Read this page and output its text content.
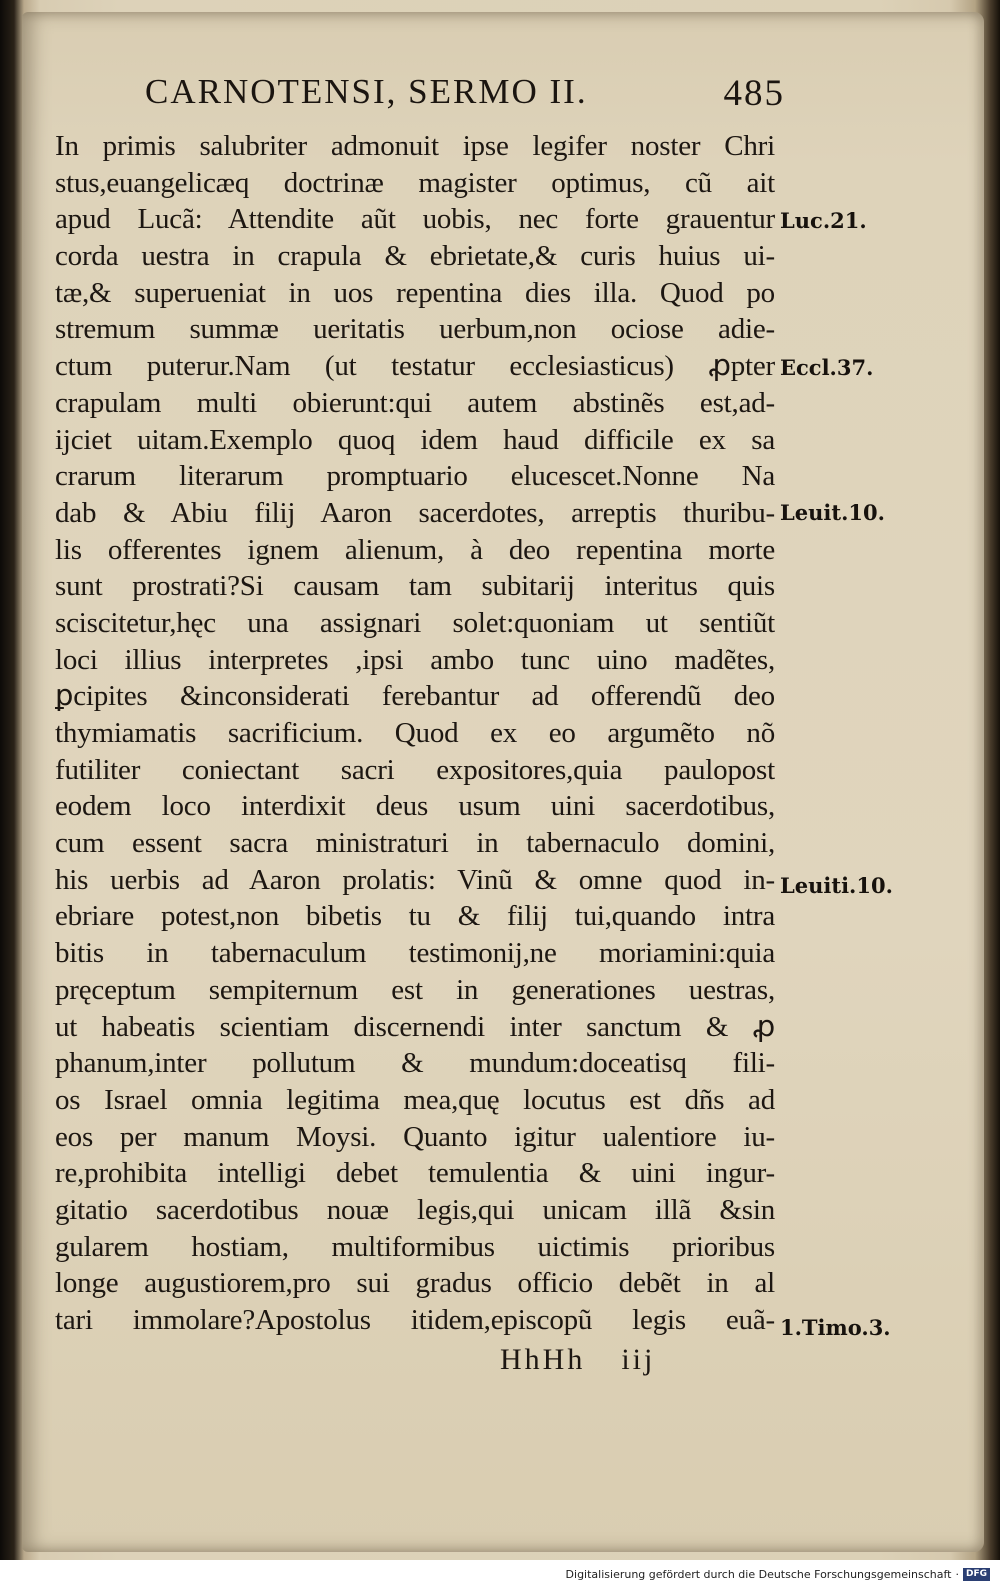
CARNOTENSI, SERMO II.	485
In primis salubriter admonuit ipse legifer noster Chri
stus,euangelicæq doctrinæ magister optimus, cũ ait
apud Lucã: Attendite aũt uobis, nec forte grauentur
corda uestra in crapula & ebrietate,& curis huius ui-
tæ,& superueniat in uos repentina dies illa. Quod po
stremum summæ ueritatis uerbum,non ociose adie-
ctum puterur.Nam (ut testatur ecclesiasticus) ꝓpter
crapulam multi obierunt:qui autem abstinẽs est,ad-
ijciet uitam.Exemplo quoq idem haud difficile ex sa
crarum literarum promptuario elucescet.Nonne Na
dab & Abiu filij Aaron sacerdotes, arreptis thuribu-
lis offerentes ignem alienum, à deo repentina morte
sunt prostrati?Si causam tam subitarij interitus quis
sciscitetur,hęc una assignari solet:quoniam ut sentiũt
loci illius interpretes ,ipsi ambo tunc uino madẽtes,
ꝑcipites &inconsiderati ferebantur ad offerendũ deo
thymiamatis sacrificium. Quod ex eo argumẽto nõ
futiliter coniectant sacri expositores,quia paulopost
eodem loco interdixit deus usum uini sacerdotibus,
cum essent sacra ministraturi in tabernaculo domini,
his uerbis ad Aaron prolatis: Vinũ & omne quod in-
ebriare potest,non bibetis tu & filij tui,quando intra
bitis in tabernaculum testimonij,ne moriamini:quia
pręceptum sempiternum est in generationes uestras,
ut habeatis scientiam discernendi inter sanctum & ꝓ
phanum,inter pollutum & mundum:doceatisq fili-
os Israel omnia legitima mea,quę locutus est dñs ad
eos per manum Moysi. Quanto igitur ualentiore iu-
re,prohibita intelligi debet temulentia & uini ingur-
gitatio sacerdotibus nouæ legis,qui unicam illã &sin
gularem hostiam, multiformibus uictimis prioribus
longe augustiorem,pro sui gradus officio debẽt in al
tari immolare?Apostolus itidem,episcopũ legis euã-
Luc.21.
Eccl.37.
Leuit.10.
Leuiti.10.
1.Timo.3.
HhHh iij
Digitalisierung gefördert durch die Deutsche Forschungsgemeinschaft · DFG
